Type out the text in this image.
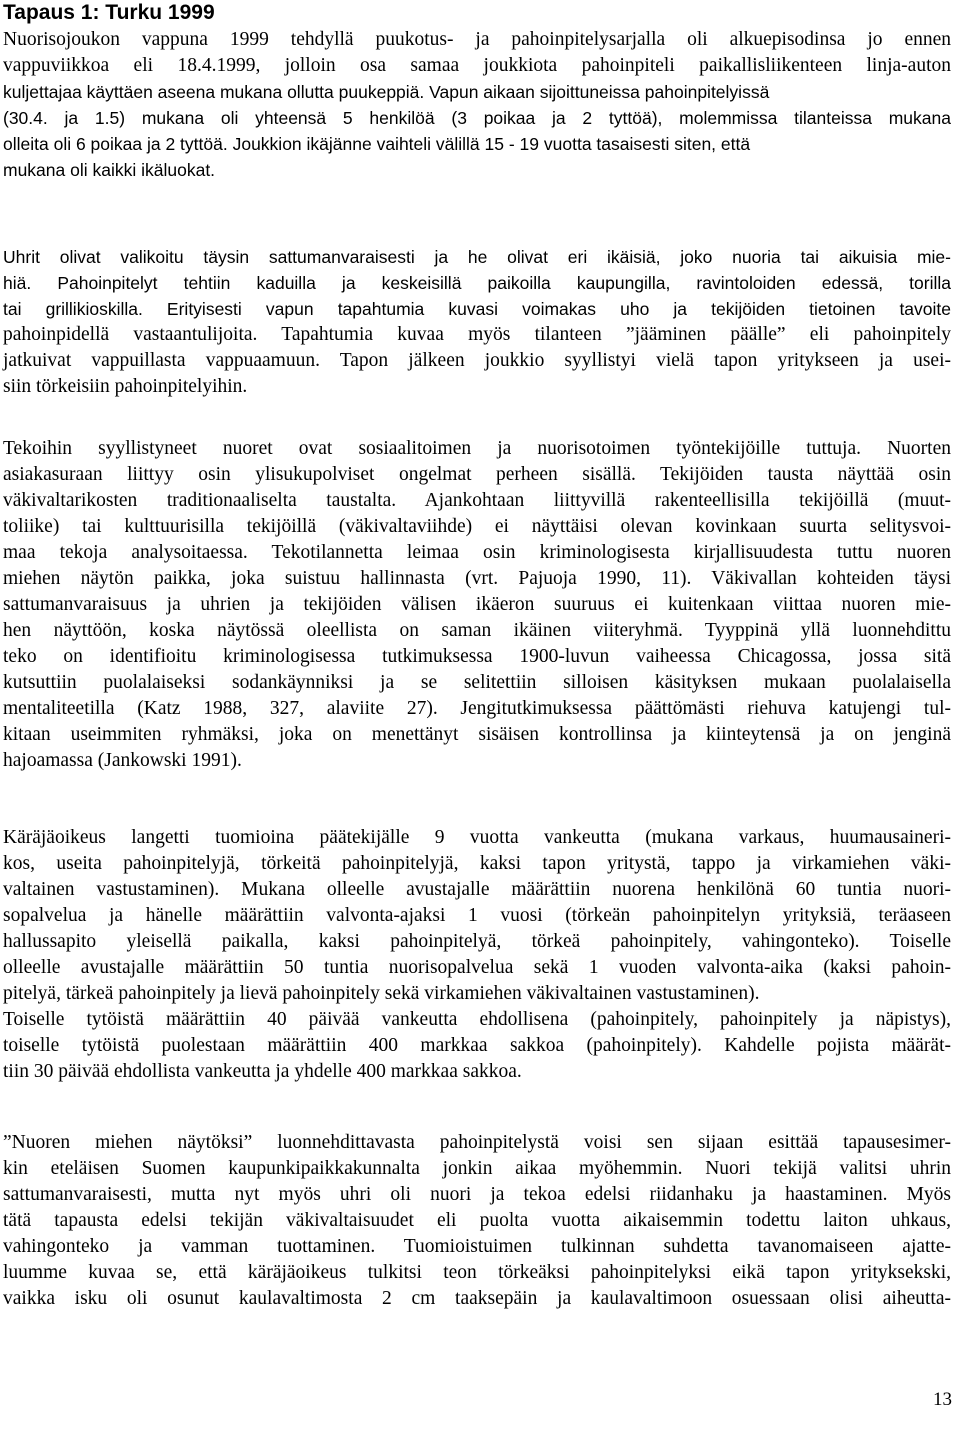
Tapaus 1: Turku 1999
Nuorisojoukon vappuna 1999 tehdyllä puukotus- ja pahoinpitelysarjalla oli alkuepisodinsa jo ennen
vappuviikkoa eli 18.4.1999, jolloin osa samaa joukkiota pahoinpiteli paikallisliikenteen linja-auton
kuljettajaa käyttäen aseena mukana ollutta puukeppiä. Vapun aikaan sijoittuneissa pahoinpitelyissä
(30.4. ja 1.5) mukana oli yhteensä 5 henkilöä (3 poikaa ja 2 tyttöä), molemmissa tilanteissa mukana
olleita oli 6 poikaa ja 2 tyttöä. Joukkion ikäjänne vaihteli välillä 15 - 19 vuotta tasaisesti siten, että
mukana oli kaikki ikäluokat.
Uhrit olivat valikoitu täysin sattumanvaraisesti ja he olivat eri ikäisiä, joko nuoria tai aikuisia mie-
hiä. Pahoinpitelyt tehtiin kaduilla ja keskeisillä paikoilla kaupungilla, ravintoloiden edessä, torilla
tai grillikioskilla. Erityisesti vapun tapahtumia kuvasi voimakas uho ja tekijöiden tietoinen tavoite
pahoinpidellä vastaantulijoita. Tapahtumia kuvaa myös tilanteen ”jääminen päälle” eli pahoinpitely
jatkuivat vappuillasta vappuaamuun. Tapon jälkeen joukkio syyllistyi vielä tapon yritykseen ja usei-
siin törkeisiin pahoinpitelyihin.
Tekoihin syyllistyneet nuoret ovat sosiaalitoimen ja nuorisotoimen työntekijöille tuttuja. Nuorten
asiakasuraan liittyy osin ylisukupolviset ongelmat perheen sisällä. Tekijöiden tausta näyttää osin
väkivaltarikosten traditionaaliselta taustalta. Ajankohtaan liittyvillä rakenteellisilla tekijöillä (muut-
toliike) tai kulttuurisilla tekijöillä (väkivaltaviihde) ei näyttäisi olevan kovinkaan suurta selitysvoi-
maa tekoja analysoitaessa. Tekotilannetta leimaa osin kriminologisesta kirjallisuudesta tuttu nuoren
miehen näytön paikka, joka suistuu hallinnasta (vrt. Pajuoja 1990, 11). Väkivallan kohteiden täysi
sattumanvaraisuus ja uhrien ja tekijöiden välisen ikäeron suuruus ei kuitenkaan viittaa nuoren mie-
hen näyttöön, koska näytössä oleellista on saman ikäinen viiteryhmä. Tyyppinä yllä luonnehdittu
teko on identifioitu kriminologisessa tutkimuksessa 1900-luvun vaiheessa Chicagossa, jossa sitä
kutsuttiin puolalaiseksi sodankäynniksi ja se selitettiin silloisen käsityksen mukaan puolalaisella
mentaliteetilla (Katz 1988, 327, alaviite 27). Jengitutkimuksessa päättömästi riehuva katujengi tul-
kitaan useimmiten ryhmäksi, joka on menettänyt sisäisen kontrollinsa ja kiinteytensä ja on jenginä
hajoamassa (Jankowski 1991).
Käräjäoikeus langetti tuomioina päätekijälle 9 vuotta vankeutta (mukana varkaus, huumausaineri-
kos, useita pahoinpitelyjä, törkeitä pahoinpitelyjä, kaksi tapon yritystä, tappo ja virkamiehen väki-
valtainen vastustaminen). Mukana olleelle avustajalle määrättiin nuorena henkilönä 60 tuntia nuori-
sopalvelua ja hänelle määrättiin valvonta-ajaksi 1 vuosi (törkeän pahoinpitelyn yrityksiä, teräaseen
hallussapito yleisellä paikalla, kaksi pahoinpitelyä, törkeä pahoinpitely, vahingonteko). Toiselle
olleelle avustajalle määrättiin 50 tuntia nuorisopalvelua sekä 1 vuoden valvonta-aika (kaksi pahoin-
pitelyä, tärkeä pahoinpitely ja lievä pahoinpitely sekä virkamiehen väkivaltainen vastustaminen).
Toiselle tytöistä määrättiin 40 päivää vankeutta ehdollisena (pahoinpitely, pahoinpitely ja näpistys),
toiselle tytöistä puolestaan määrättiin 400 markkaa sakkoa (pahoinpitely). Kahdelle pojista määrät-
tiin 30 päivää ehdollista vankeutta ja yhdelle 400 markkaa sakkoa.
”Nuoren miehen näytöksi” luonnehdittavasta pahoinpitelystä voisi sen sijaan esittää tapausesimer-
kin eteläisen Suomen kaupunkipaikkakunnalta jonkin aikaa myöhemmin. Nuori tekijä valitsi uhrin
sattumanvaraisesti, mutta nyt myös uhri oli nuori ja tekoa edelsi riidanhaku ja haastaminen. Myös
tätä tapausta edelsi tekijän väkivaltaisuudet eli puolta vuotta aikaisemmin todettu laiton uhkaus,
vahingonteko ja vamman tuottaminen. Tuomioistuimen tulkinnan suhdetta tavanomaiseen ajatte-
luumme kuvaa se, että käräjäoikeus tulkitsi teon törkeäksi pahoinpitelyksi eikä tapon yrityksekski,
vaikka isku oli osunut kaulavaltimosta 2 cm taaksepäin ja kaulavaltimoon osuessaan olisi aiheutta-
13
